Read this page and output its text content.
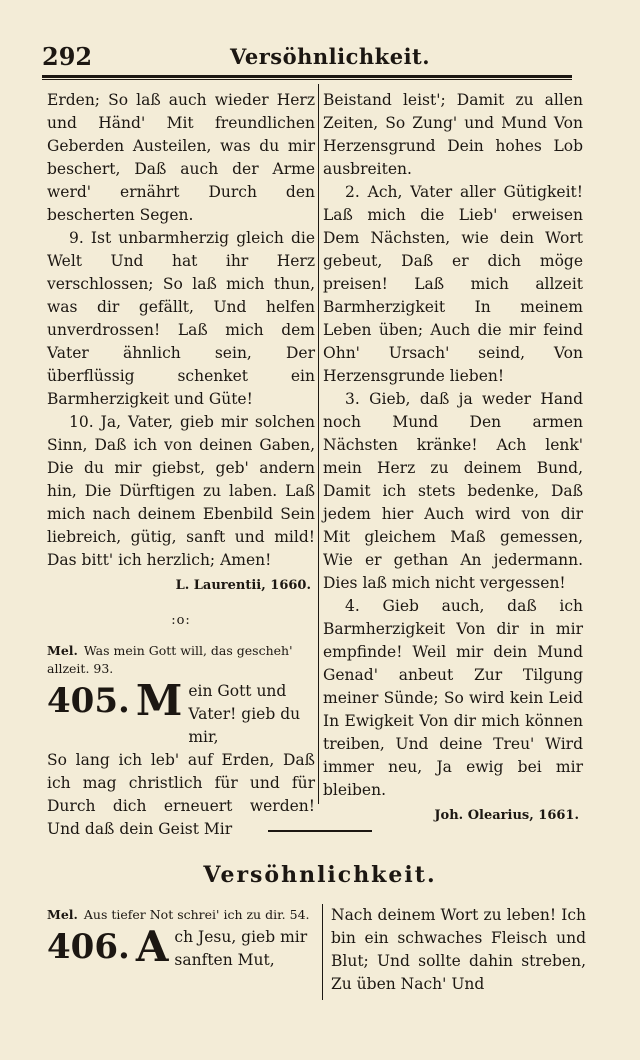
292	Versöhnlichkeit.

Erden; So laß auch wieder Herz und Händ' Mit freundlichen Geberden Austeilen, was du mir beschert, Daß auch der Arme werd' ernährt Durch den bescherten Segen.

9. Ist unbarmherzig gleich die Welt Und hat ihr Herz verschlossen; So laß mich thun, was dir gefällt, Und helfen unverdrossen! Laß mich dem Vater ähnlich sein, Der überflüssig schenket ein Barmherzigkeit und Güte!

10. Ja, Vater, gieb mir solchen Sinn, Daß ich von deinen Gaben, Die du mir giebst, geb' andern hin, Die Dürftigen zu laben. Laß mich nach deinem Ebenbild Sein liebreich, gütig, sanft und mild! Das bitt' ich herzlich; Amen!

L. Laurentii, 1660.
:o:
Mel. Was mein Gott will, das gescheh' allzeit. 93.
405. M ein Gott und Vater! gieb du mir,

So lang ich leb' auf Erden, Daß ich mag christlich für und für Durch dich erneuert werden! Und daß dein Geist Mir

Beistand leist'; Damit zu allen Zeiten, So Zung' und Mund Von Herzensgrund Dein hohes Lob ausbreiten.

2. Ach, Vater aller Gütigkeit! Laß mich die Lieb' erweisen Dem Nächsten, wie dein Wort gebeut, Daß er dich möge preisen! Laß mich allzeit Barmherzigkeit In meinem Leben üben; Auch die mir feind Ohn' Ursach' seind, Von Herzensgrunde lieben!

3. Gieb, daß ja weder Hand noch Mund Den armen Nächsten kränke! Ach lenk' mein Herz zu deinem Bund, Damit ich stets bedenke, Daß jedem hier Auch wird von dir Mit gleichem Maß gemessen, Wie er gethan An jedermann. Dies laß mich nicht vergessen!

4. Gieb auch, daß ich Barmherzigkeit Von dir in mir empfinde! Weil mir dein Mund Genad' anbeut Zur Tilgung meiner Sünde; So wird kein Leid In Ewigkeit Von dir mich können treiben, Und deine Treu' Wird immer neu, Ja ewig bei mir bleiben.

Joh. Olearius, 1661.
Versöhnlichkeit.
Mel. Aus tiefer Not schrei' ich zu dir. 54.
406. A ch Jesu, gieb mir sanften Mut,

Nach deinem Wort zu leben! Ich bin ein schwaches Fleisch und Blut; Und sollte dahin streben, Zu üben Nach' Und
